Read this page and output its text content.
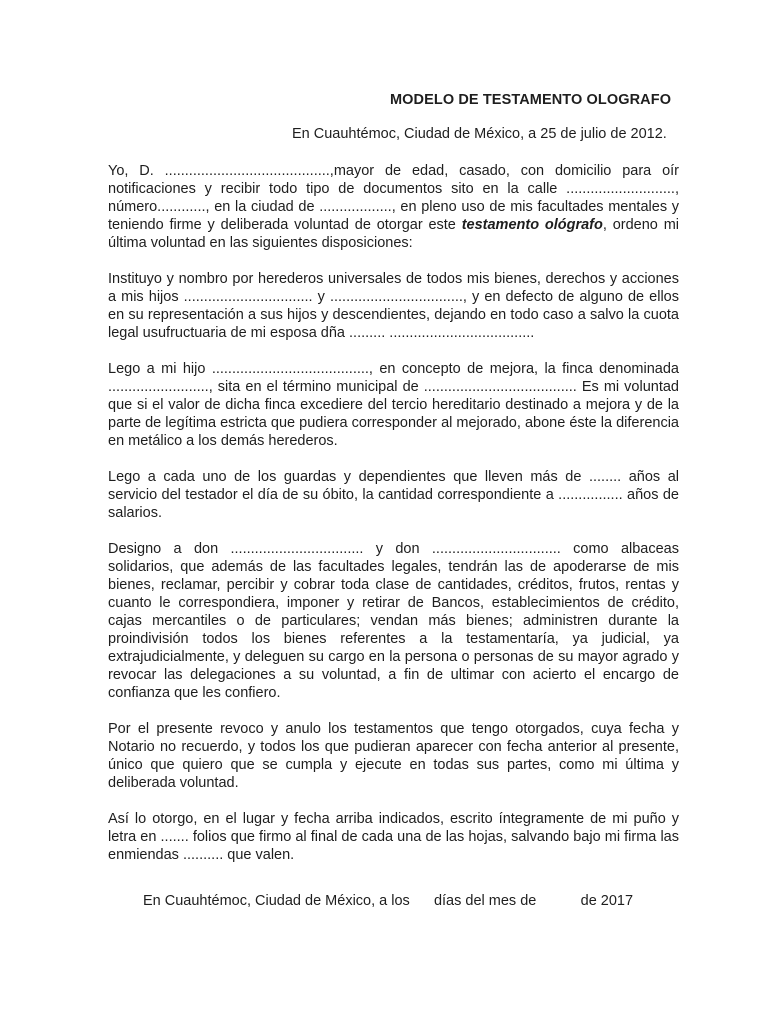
MODELO DE TESTAMENTO OLOGRAFO
En Cuauhtémoc, Ciudad de México, a 25 de julio de 2012.

Yo, D. .........................................,mayor de edad, casado, con domicilio para oír notificaciones y recibir todo tipo de documentos sito en la calle ..........................., número............, en la ciudad de .................., en pleno uso de mis facultades mentales y teniendo firme y deliberada voluntad de otorgar este testamento ológrafo, ordeno mi última voluntad en las siguientes disposiciones:

Instituyo y nombro por herederos universales de todos mis bienes, derechos y acciones a mis hijos ................................ y ................................., y en defecto de alguno de ellos en su representación a sus hijos y descendientes, dejando en todo caso a salvo la cuota legal usufructuaria de mi esposa dña ......... ....................................

Lego a mi hijo ......................................., en concepto de mejora, la finca denominada ........................., sita en el término municipal de ...................................... Es mi voluntad que si el valor de dicha finca excediere del tercio hereditario destinado a mejora y de la parte de legítima estricta que pudiera corresponder al mejorado, abone éste la diferencia en metálico a los demás herederos.

Lego a cada uno de los guardas y dependientes que lleven más de ........ años al servicio del testador el día de su óbito, la cantidad correspondiente a ................ años de salarios.

Designo a don ................................. y don ................................ como albaceas solidarios, que además de las facultades legales, tendrán las de apoderarse de mis bienes, reclamar, percibir y cobrar toda clase de cantidades, créditos, frutos, rentas y cuanto le correspondiera, imponer y retirar de Bancos, establecimientos de crédito, cajas mercantiles o de particulares; vendan más bienes; administren durante la proindivisión todos los bienes referentes a la testamentaría, ya judicial, ya extrajudicialmente, y deleguen su cargo en la persona o personas de su mayor agrado y revocar las delegaciones a su voluntad, a fin de ultimar con acierto el encargo de confianza que les confiero.

Por el presente revoco y anulo los testamentos que tengo otorgados, cuya fecha y Notario no recuerdo, y todos los que pudieran aparecer con fecha anterior al presente, único que quiero que se cumpla y ejecute en todas sus partes, como mi última y deliberada voluntad.

Así lo otorgo, en el lugar y fecha arriba indicados, escrito íntegramente de mi puño y letra en ....... folios que firmo al final de cada una de las hojas, salvando bajo mi firma las enmiendas .......... que valen.

En Cuauhtémoc, Ciudad de México, a los      días del mes de           de 2017
